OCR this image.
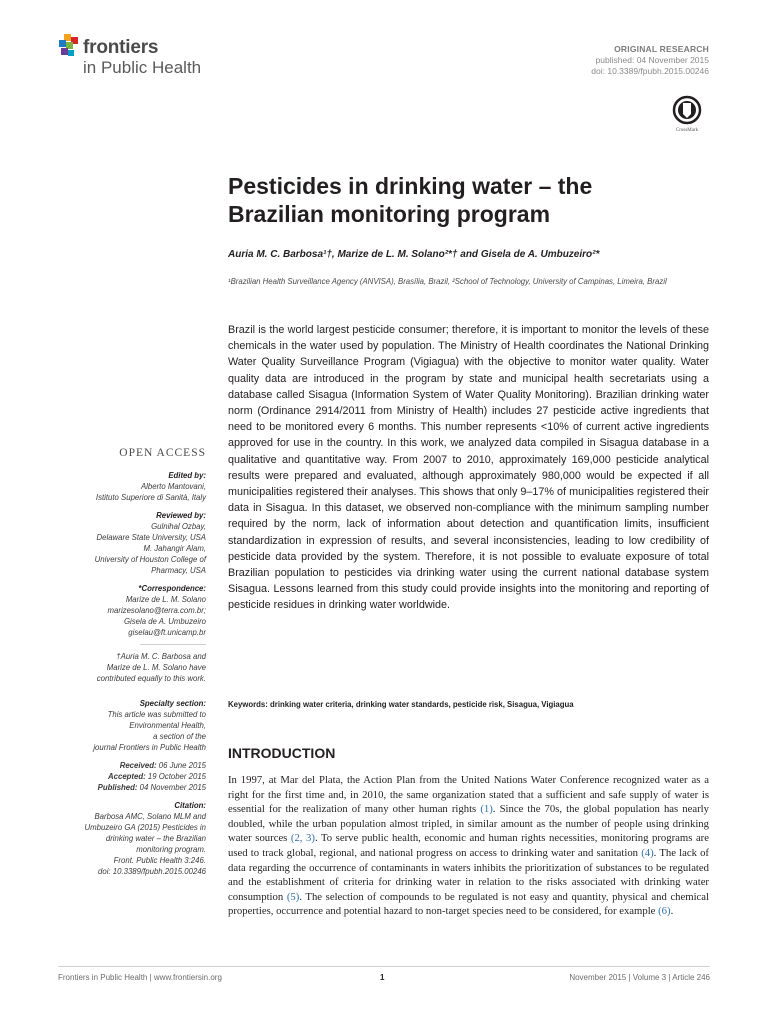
frontiers
in Public Health
ORIGINAL RESEARCH
published: 04 November 2015
doi: 10.3389/fpubh.2015.00246
CrossMark
Pesticides in drinking water – the
Brazilian monitoring program
Auria M. C. Barbosa¹†, Marize de L. M. Solano²*† and Gisela de A. Umbuzeiro²*
¹Brazilian Health Surveillance Agency (ANVISA), Brasília, Brazil, ²School of Technology, University of Campinas, Limeira, Brazil
Brazil is the world largest pesticide consumer; therefore, it is important to monitor the levels of these chemicals in the water used by population. The Ministry of Health coordinates the National Drinking Water Quality Surveillance Program (Vigiagua) with the objective to monitor water quality. Water quality data are introduced in the program by state and municipal health secretariats using a database called Sisagua (Information System of Water Quality Monitoring). Brazilian drinking water norm (Ordinance 2914/2011 from Ministry of Health) includes 27 pesticide active ingredients that need to be monitored every 6 months. This number represents <10% of current active ingredients approved for use in the country. In this work, we analyzed data compiled in Sisagua database in a qualitative and quantitative way. From 2007 to 2010, approximately 169,000 pesticide analytical results were prepared and evaluated, although approximately 980,000 would be expected if all municipalities registered their analyses. This shows that only 9–17% of municipalities registered their data in Sisagua. In this dataset, we observed non-compliance with the minimum sampling number required by the norm, lack of information about detection and quantification limits, insufficient standardization in expression of results, and several inconsistencies, leading to low credibility of pesticide data provided by the system. Therefore, it is not possible to evaluate exposure of total Brazilian population to pesticides via drinking water using the current national database system Sisagua. Lessons learned from this study could provide insights into the monitoring and reporting of pesticide residues in drinking water worldwide.
Keywords: drinking water criteria, drinking water standards, pesticide risk, Sisagua, Vigiagua
OPEN ACCESS
Edited by:
Alberto Mantovani,
Istituto Superiore di Sanità, Italy
Reviewed by:
Gulnihal Ozbay,
Delaware State University, USA
M. Jahangir Alam,
University of Houston College of
Pharmacy, USA
*Correspondence:
Marize de L. M. Solano
marizesolano@terra.com.br;
Gisela de A. Umbuzeiro
giselau@ft.unicamp.br
†Auria M. C. Barbosa and
Marize de L. M. Solano have
contributed equally to this work.
Specialty section:
This article was submitted to
Environmental Health,
a section of the
journal Frontiers in Public Health
Received: 06 June 2015
Accepted: 19 October 2015
Published: 04 November 2015
Citation:
Barbosa AMC, Solano MLM and
Umbuzeiro GA (2015) Pesticides in
drinking water – the Brazilian
monitoring program.
Front. Public Health 3:246.
doi: 10.3389/fpubh.2015.00246
INTRODUCTION
In 1997, at Mar del Plata, the Action Plan from the United Nations Water Conference recognized water as a right for the first time and, in 2010, the same organization stated that a sufficient and safe supply of water is essential for the realization of many other human rights (1). Since the 70s, the global population has nearly doubled, while the urban population almost tripled, in similar amount as the number of people using drinking water sources (2, 3). To serve public health, economic and human rights necessities, monitoring programs are used to track global, regional, and national progress on access to drinking water and sanitation (4). The lack of data regarding the occurrence of contaminants in waters inhibits the prioritization of substances to be regulated and the establishment of criteria for drinking water in relation to the risks associated with drinking water consumption (5). The selection of compounds to be regulated is not easy and quantity, physical and chemical properties, occurrence and potential hazard to non-target species need to be considered, for example (6).
Frontiers in Public Health | www.frontiersin.org	1	November 2015 | Volume 3 | Article 246
